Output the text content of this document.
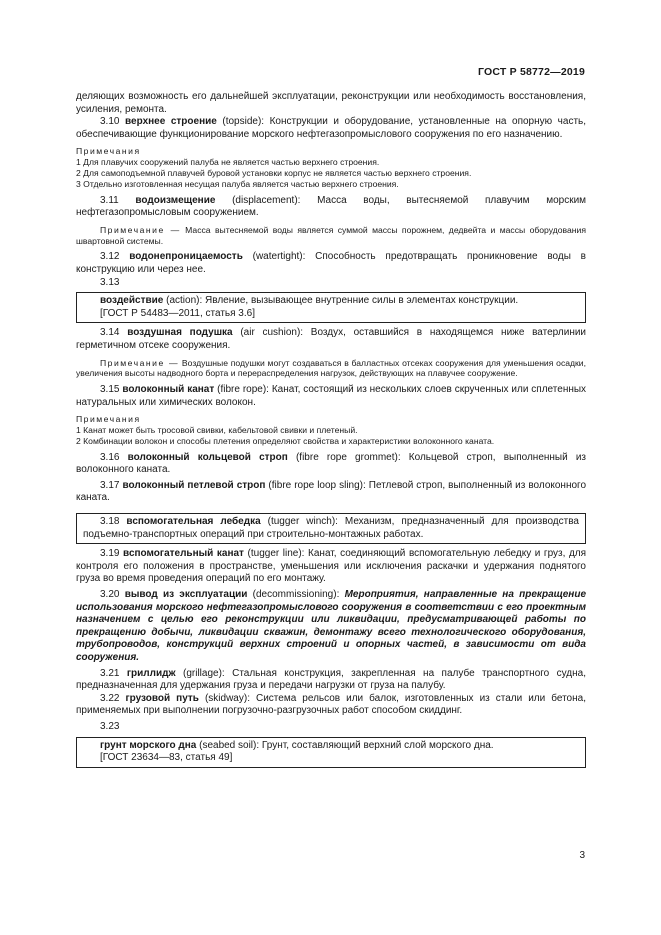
ГОСТ Р 58772—2019

деляющих возможность его дальнейшей эксплуатации, реконструкции или необходимость восстановления, усиления, ремонта.

3.10 верхнее строение (topside): Конструкции и оборудование, установленные на опорную часть, обеспечивающие функционирование морского нефтегазопромыслового сооружения по его назначению.

Примечания

1 Для плавучих сооружений палуба не является частью верхнего строения.

2 Для самоподъемной плавучей буровой установки корпус не является частью верхнего строения.

3 Отдельно изготовленная несущая палуба является частью верхнего строения.

3.11 водоизмещение (displacement): Масса воды, вытесняемой плавучим морским нефтегазопромысловым сооружением.

Примечание — Масса вытесняемой воды является суммой массы порожнем, дедвейта и массы оборудования швартовной системы.

3.12 водонепроницаемость (watertight): Способность предотвращать проникновение воды в конструкцию или через нее.

3.13

воздействие (action): Явление, вызывающее внутренние силы в элементах конструкции.

[ГОСТ Р 54483—2011, статья 3.6]

3.14 воздушная подушка (air cushion): Воздух, оставшийся в находящемся ниже ватерлинии герметичном отсеке сооружения.

Примечание — Воздушные подушки могут создаваться в балластных отсеках сооружения для уменьшения осадки, увеличения высоты надводного борта и перераспределения нагрузок, действующих на плавучее сооружение.

3.15 волоконный канат (fibre rope): Канат, состоящий из нескольких слоев скрученных или сплетенных натуральных или химических волокон.

Примечания

1 Канат может быть тросовой свивки, кабельтовой свивки и плетеный.

2 Комбинации волокон и способы плетения определяют свойства и характеристики волоконного каната.

3.16 волоконный кольцевой строп (fibre rope grommet): Кольцевой строп, выполненный из волоконного каната.

3.17 волоконный петлевой строп (fibre rope loop sling): Петлевой строп, выполненный из волоконного каната.

3.18 вспомогательная лебедка (tugger winch): Механизм, предназначенный для производства подъемно-транспортных операций при строительно-монтажных работах.

3.19 вспомогательный канат (tugger line): Канат, соединяющий вспомогательную лебедку и груз, для контроля его положения в пространстве, уменьшения или исключения раскачки и удержания поднятого груза во время проведения операций по его монтажу.

3.20 вывод из эксплуатации (decommissioning): Мероприятия, направленные на прекращение использования морского нефтегазопромыслового сооружения в соответствии с его проектным назначением с целью его реконструкции или ликвидации, предусматривающей работы по прекращению добычи, ликвидации скважин, демонтажу всего технологического оборудования, трубопроводов, конструкций верхних строений и опорных частей, в зависимости от вида сооружения.

3.21 гриллидж (grillage): Стальная конструкция, закрепленная на палубе транспортного судна, предназначенная для удержания груза и передачи нагрузки от груза на палубу.

3.22 грузовой путь (skidway): Система рельсов или балок, изготовленных из стали или бетона, применяемых при выполнении погрузочно-разгрузочных работ способом скиддинг.

3.23

грунт морского дна (seabed soil): Грунт, составляющий верхний слой морского дна.

[ГОСТ 23634—83, статья 49]

3
